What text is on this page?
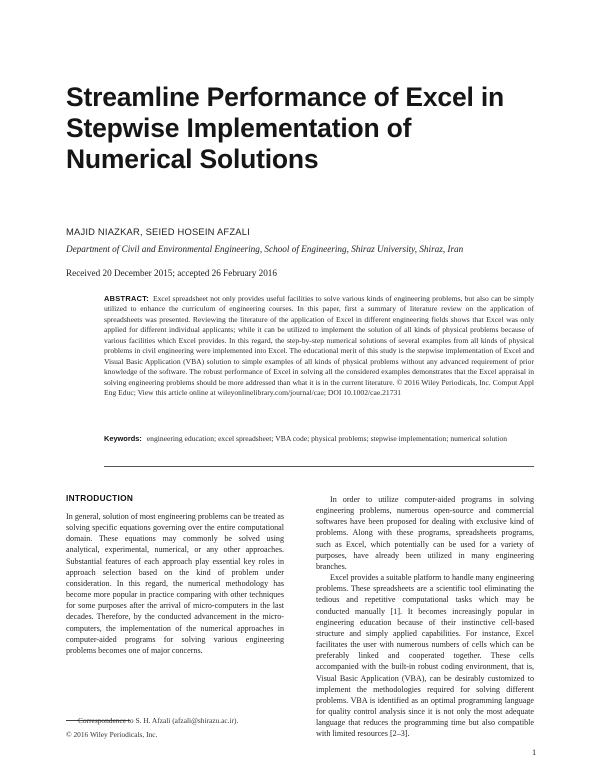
Streamline Performance of Excel in Stepwise Implementation of Numerical Solutions
MAJID NIAZKAR, SEIED HOSEIN AFZALI
Department of Civil and Environmental Engineering, School of Engineering, Shiraz University, Shiraz, Iran
Received 20 December 2015; accepted 26 February 2016

ABSTRACT: Excel spreadsheet not only provides useful facilities to solve various kinds of engineering problems, but also can be simply utilized to enhance the curriculum of engineering courses. In this paper, first a summary of literature review on the application of spreadsheets was presented. Reviewing the literature of the application of Excel in different engineering fields shows that Excel was only applied for different individual applicants; while it can be utilized to implement the solution of all kinds of physical problems because of various facilities which Excel provides. In this regard, the step-by-step numerical solutions of several examples from all kinds of physical problems in civil engineering were implemented into Excel. The educational merit of this study is the stepwise implementation of Excel and Visual Basic Application (VBA) solution to simple examples of all kinds of physical problems without any advanced requirement of prior knowledge of the software. The robust performance of Excel in solving all the considered examples demonstrates that the Excel appraisal in solving engineering problems should be more addressed than what it is in the current literature. © 2016 Wiley Periodicals, Inc. Comput Appl Eng Educ; View this article online at wileyonlinelibrary.com/journal/cae; DOI 10.1002/cae.21731

Keywords: engineering education; excel spreadsheet; VBA code; physical problems; stepwise implementation; numerical solution

INTRODUCTION

In general, solution of most engineering problems can be treated as solving specific equations governing over the entire computational domain. These equations may commonly be solved using analytical, experimental, numerical, or any other approaches. Substantial features of each approach play essential key roles in approach selection based on the kind of problem under consideration. In this regard, the numerical methodology has become more popular in practice comparing with other techniques for some purposes after the arrival of micro-computers in the last decades. Therefore, by the conducted advancement in the micro-computers, the implementation of the numerical approaches in computer-aided programs for solving various engineering problems becomes one of major concerns.

In order to utilize computer-aided programs in solving engineering problems, numerous open-source and commercial softwares have been proposed for dealing with exclusive kind of problems. Along with these programs, spreadsheets programs, such as Excel, which potentially can be used for a variety of purposes, have already been utilized in many engineering branches.

Excel provides a suitable platform to handle many engineering problems. These spreadsheets are a scientific tool eliminating the tedious and repetitive computational tasks which may be conducted manually [1]. It becomes increasingly popular in engineering education because of their instinctive cell-based structure and simply applied capabilities. For instance, Excel facilitates the user with numerous numbers of cells which can be preferably linked and cooperated together. These cells accompanied with the built-in robust coding environment, that is, Visual Basic Application (VBA), can be desirably customized to implement the methodologies required for solving different problems. VBA is identified as an optimal programming language for quality control analysis since it is not only the most adequate language that reduces the programming time but also compatible with limited resources [2–3].

Correspondence to S. H. Afzali (afzali@shirazu.ac.ir).
© 2016 Wiley Periodicals, Inc.
1
